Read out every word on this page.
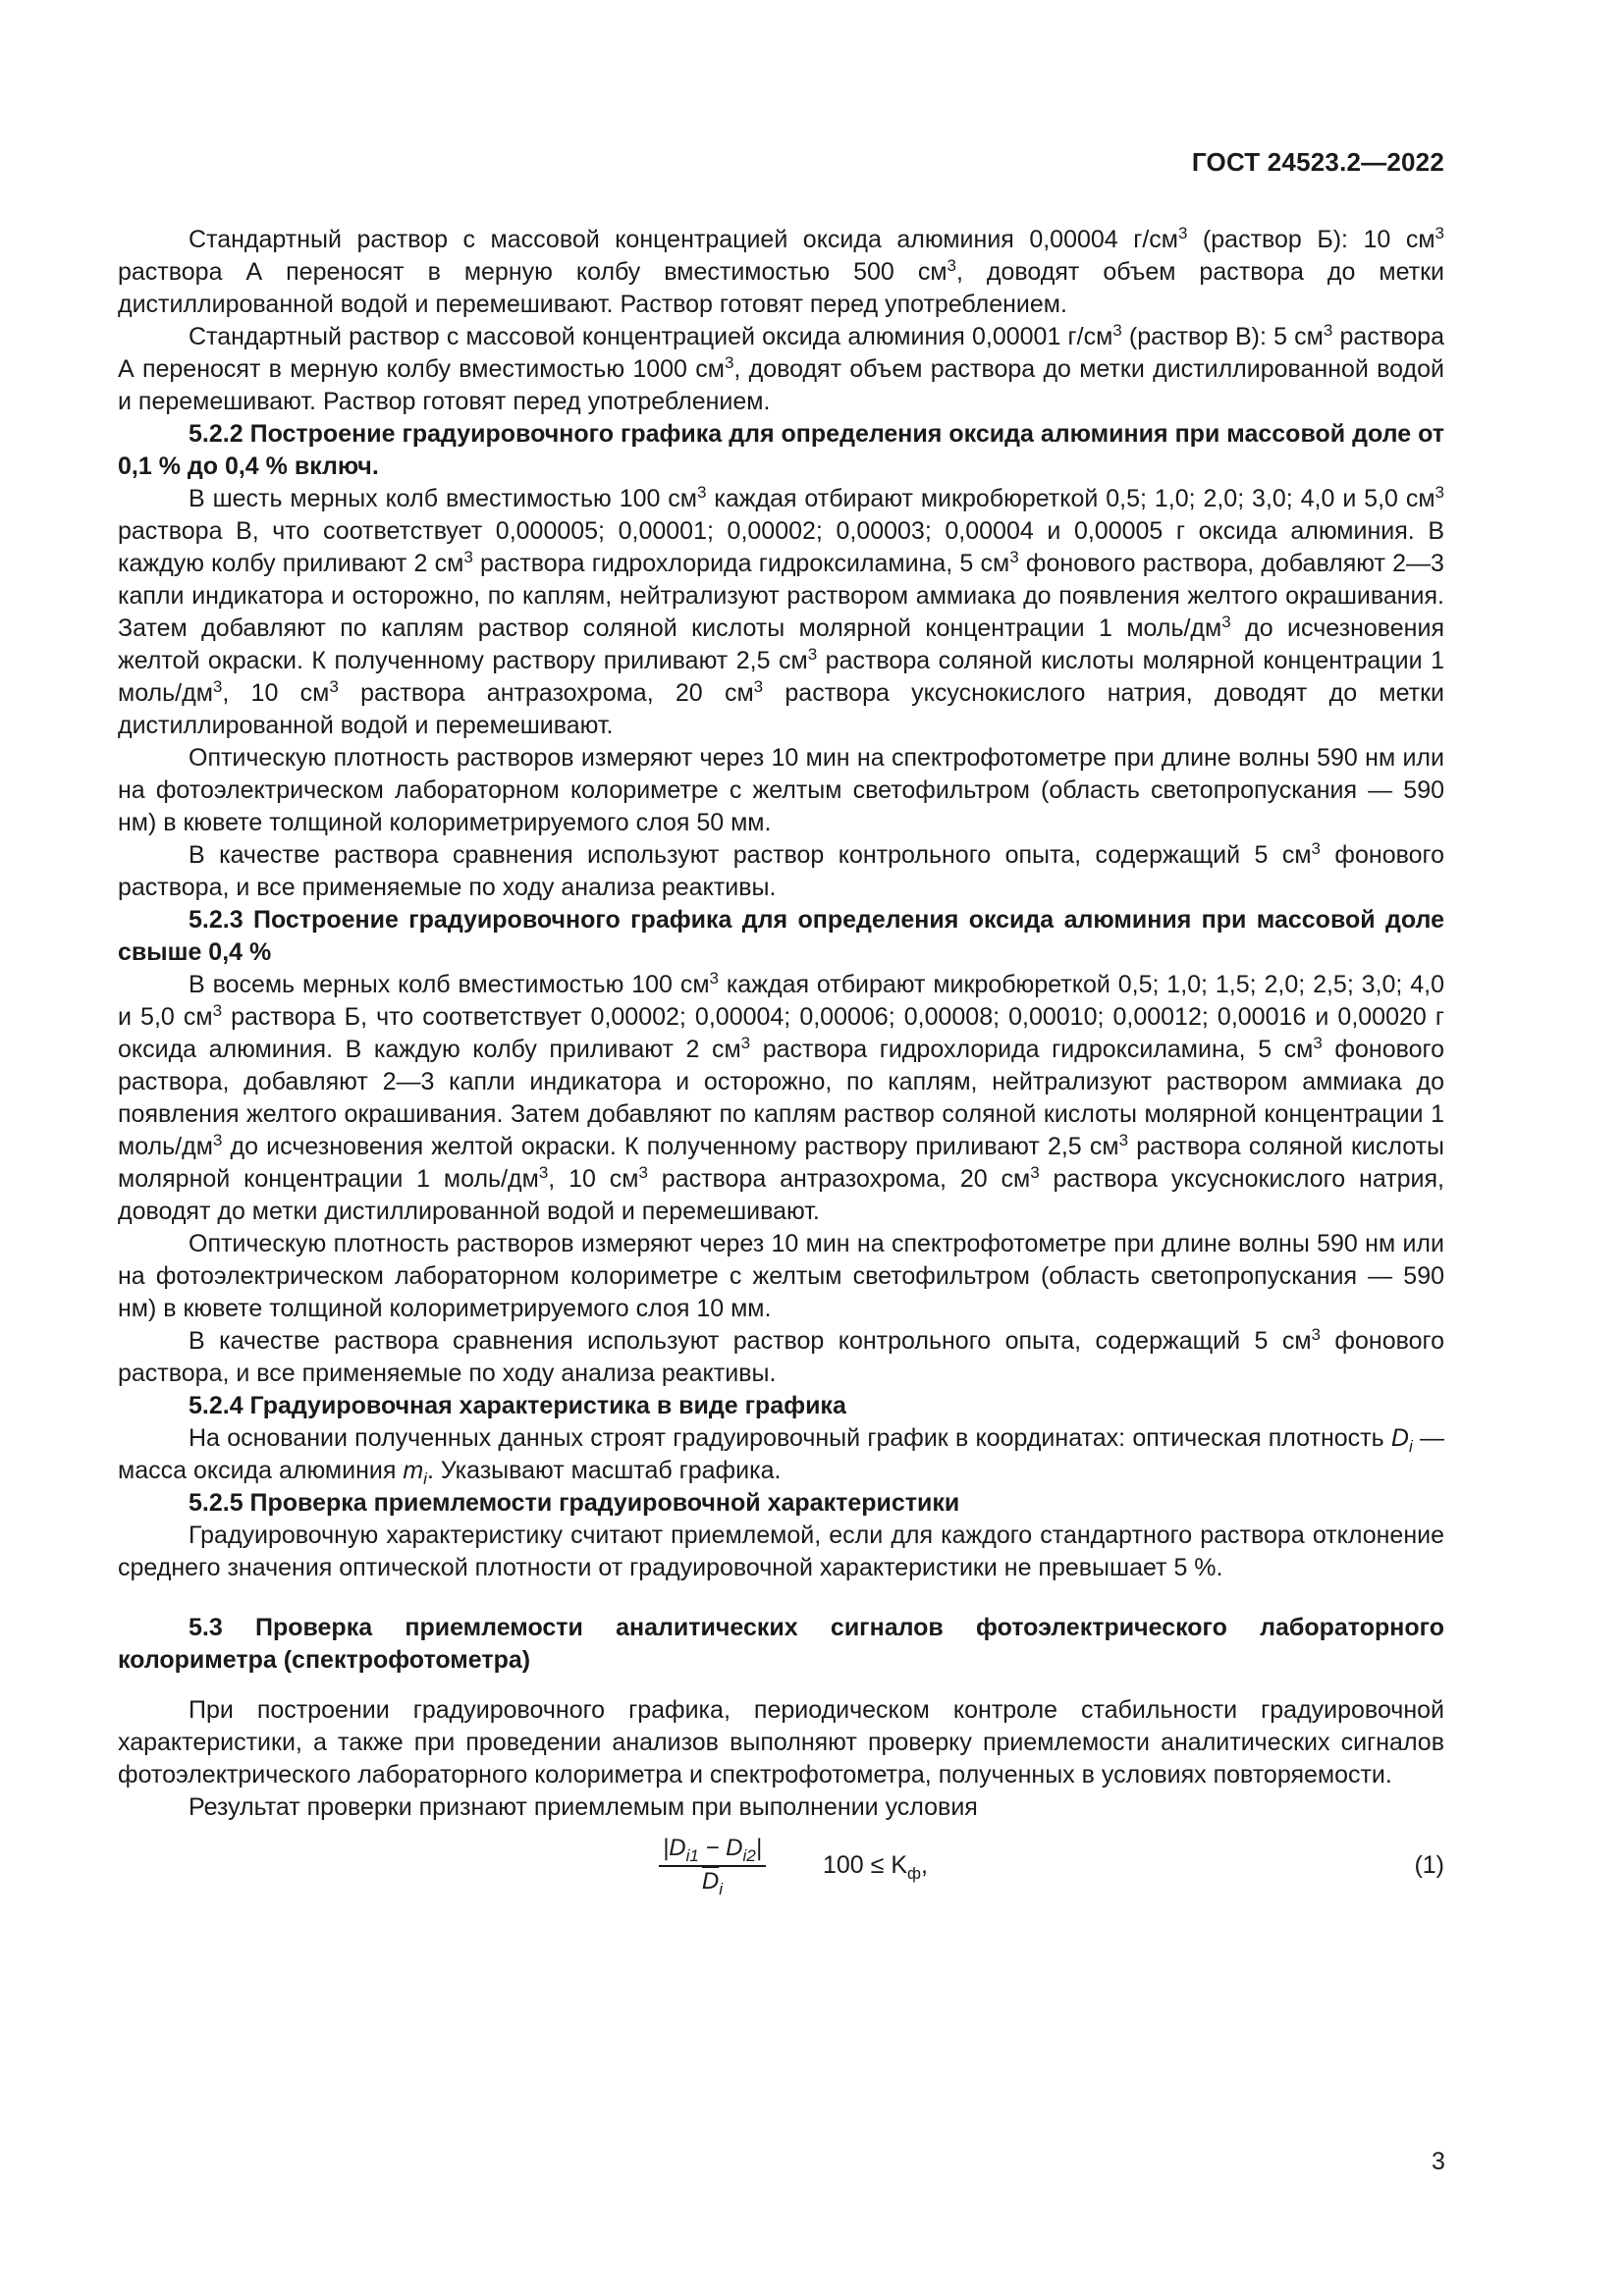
ГОСТ 24523.2—2022

Стандартный раствор с массовой концентрацией оксида алюминия 0,00004 $г/см^3$ (раствор Б): 10 $см^3$ раствора А переносят в мерную колбу вместимостью 500 $см^3$, доводят объем раствора до метки дистиллированной водой и перемешивают. Раствор готовят перед употреблением.

Стандартный раствор с массовой концентрацией оксида алюминия 0,00001 $г/см^3$ (раствор В): 5 $см^3$ раствора А переносят в мерную колбу вместимостью 1000 $см^3$, доводят объем раствора до метки дистиллированной водой и перемешивают. Раствор готовят перед употреблением.

5.2.2 Построение градуировочного графика для определения оксида алюминия при массовой доле от 0,1 % до 0,4 % включ.

В шесть мерных колб вместимостью 100 $см^3$ каждая отбирают микробюреткой 0,5; 1,0; 2,0; 3,0; 4,0 и 5,0 $см^3$ раствора В, что соответствует 0,000005; 0,00001; 0,00002; 0,00003; 0,00004 и 0,00005 г оксида алюминия. В каждую колбу приливают 2 $см^3$ раствора гидрохлорида гидроксиламина, 5 $см^3$ фонового раствора, добавляют 2—3 капли индикатора и осторожно, по каплям, нейтрализуют раствором аммиака до появления желтого окрашивания. Затем добавляют по каплям раствор соляной кислоты молярной концентрации 1 моль/$дм^3$ до исчезновения желтой окраски. К полученному раствору приливают 2,5 $см^3$ раствора соляной кислоты молярной концентрации 1 моль/$дм^3$, 10 $см^3$ раствора антразохрома, 20 $см^3$ раствора уксуснокислого натрия, доводят до метки дистиллированной водой и перемешивают.

Оптическую плотность растворов измеряют через 10 мин на спектрофотометре при длине волны 590 нм или на фотоэлектрическом лабораторном колориметре с желтым светофильтром (область светопропускания — 590 нм) в кювете толщиной колориметрируемого слоя 50 мм.

В качестве раствора сравнения используют раствор контрольного опыта, содержащий 5 $см^3$ фонового раствора, и все применяемые по ходу анализа реактивы.

5.2.3 Построение градуировочного графика для определения оксида алюминия при массовой доле свыше 0,4 %

В восемь мерных колб вместимостью 100 $см^3$ каждая отбирают микробюреткой 0,5; 1,0; 1,5; 2,0; 2,5; 3,0; 4,0 и 5,0 $см^3$ раствора Б, что соответствует 0,00002; 0,00004; 0,00006; 0,00008; 0,00010; 0,00012; 0,00016 и 0,00020 г оксида алюминия. В каждую колбу приливают 2 $см^3$ раствора гидрохлорида гидроксиламина, 5 $см^3$ фонового раствора, добавляют 2—3 капли индикатора и осторожно, по каплям, нейтрализуют раствором аммиака до появления желтого окрашивания. Затем добавляют по каплям раствор соляной кислоты молярной концентрации 1 моль/$дм^3$ до исчезновения желтой окраски. К полученному раствору приливают 2,5 $см^3$ раствора соляной кислоты молярной концентрации 1 моль/$дм^3$, 10 $см^3$ раствора антразохрома, 20 $см^3$ раствора уксуснокислого натрия, доводят до метки дистиллированной водой и перемешивают.

Оптическую плотность растворов измеряют через 10 мин на спектрофотометре при длине волны 590 нм или на фотоэлектрическом лабораторном колориметре с желтым светофильтром (область светопропускания — 590 нм) в кювете толщиной колориметрируемого слоя 10 мм.

В качестве раствора сравнения используют раствор контрольного опыта, содержащий 5 $см^3$ фонового раствора, и все применяемые по ходу анализа реактивы.

5.2.4 Градуировочная характеристика в виде графика

На основании полученных данных строят градуировочный график в координатах: оптическая плотность $D_i$ — масса оксида алюминия $m_i$. Указывают масштаб графика.

5.2.5 Проверка приемлемости градуировочной характеристики

Градуировочную характеристику считают приемлемой, если для каждого стандартного раствора отклонение среднего значения оптической плотности от градуировочной характеристики не превышает 5 %.

5.3 Проверка приемлемости аналитических сигналов фотоэлектрического лабораторного колориметра (спектрофотометра)

При построении градуировочного графика, периодическом контроле стабильности градуировочной характеристики, а также при проведении анализов выполняют проверку приемлемости аналитических сигналов фотоэлектрического лабораторного колориметра и спектрофотометра, полученных в условиях повторяемости.

Результат проверки признают приемлемым при выполнении условия

$\frac{|D_{i1} - D_{i2}|}{\overline{D}_i} 100 \le K_ф$,	(1)
3
